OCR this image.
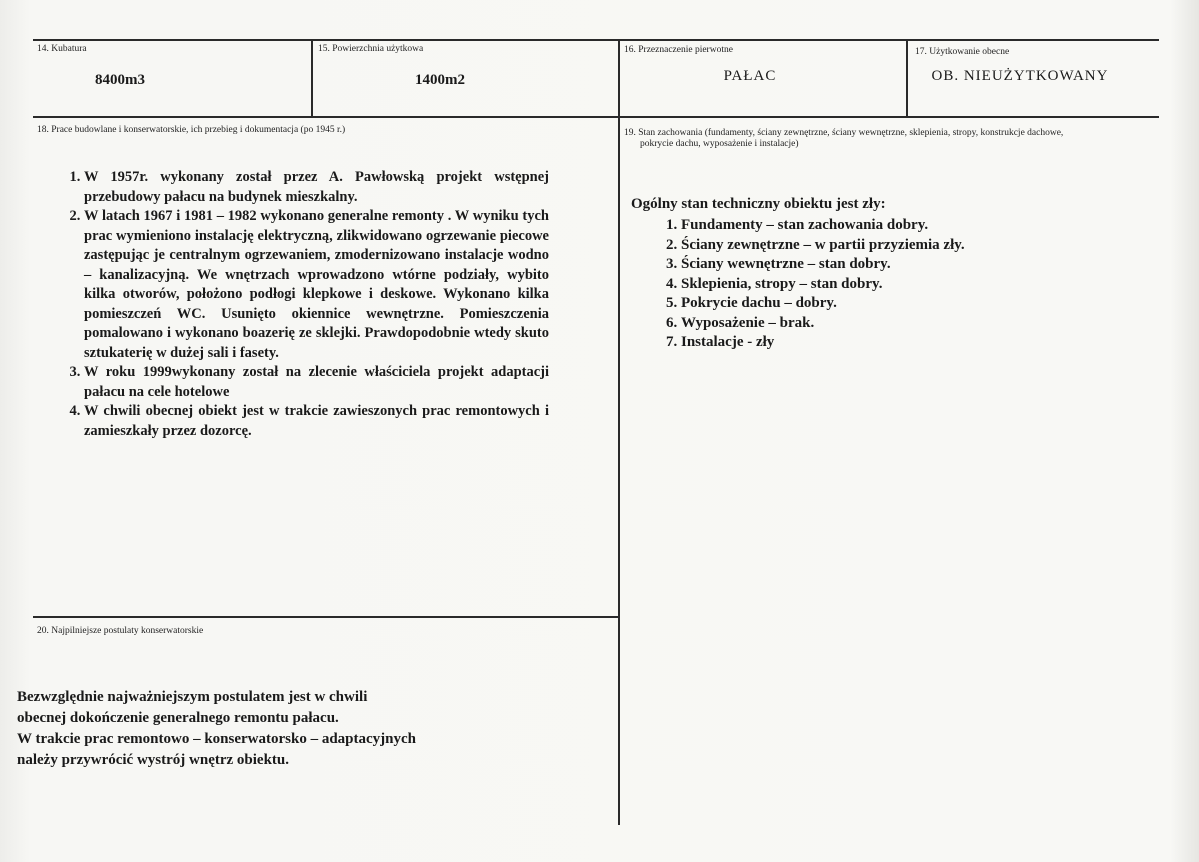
14. Kubatura
8400m3
15. Powierzchnia użytkowa
1400m2
16. Przeznaczenie pierwotne
PAŁAC
17. Użytkowanie obecne
OB. NIEUŻYTKOWANY
18. Prace budowlane i konserwatorskie, ich przebieg i dokumentacja (po 1945 r.)
1. W 1957r. wykonany został przez A. Pawłowską projekt wstępnej przebudowy pałacu na budynek mieszkalny.
2. W latach 1967 i 1981 – 1982 wykonano generalne remonty . W wyniku tych prac wymieniono instalację elektryczną, zlikwidowano ogrzewanie piecowe zastępując je centralnym ogrzewaniem, zmodernizowano instalacje wodno – kanalizacyjną. We wnętrzach wprowadzono wtórne podziały, wybito kilka otworów, położono podłogi klepkowe i deskowe. Wykonano kilka pomieszczeń WC. Usunięto okiennice wewnętrzne. Pomieszczenia pomalowano i wykonano boazerię ze sklejki. Prawdopodobnie wtedy skuto sztukaterię w dużej sali i fasety.
3. W roku 1999wykonany został na zlecenie właściciela projekt adaptacji pałacu na cele hotelowe
4. W chwili obecnej obiekt jest w trakcie zawieszonych prac remontowych i zamieszkały przez dozorcę.
19. Stan zachowania (fundamenty, ściany zewnętrzne, ściany wewnętrzne, sklepienia, stropy, konstrukcje dachowe,
pokrycie dachu, wyposażenie i instalacje)
Ogólny stan techniczny obiektu jest zły:
1. Fundamenty – stan zachowania dobry.
2. Ściany zewnętrzne – w partii przyziemia zły.
3. Ściany wewnętrzne – stan dobry.
4. Sklepienia, stropy – stan dobry.
5. Pokrycie dachu – dobry.
6. Wyposażenie – brak.
7. Instalacje - zły
20. Najpilniejsze postulaty konserwatorskie
Bezwzględnie najważniejszym postulatem jest w chwili
obecnej dokończenie generalnego remontu pałacu.
W trakcie prac remontowo – konserwatorsko – adaptacyjnych
należy przywrócić wystrój wnętrz obiektu.
